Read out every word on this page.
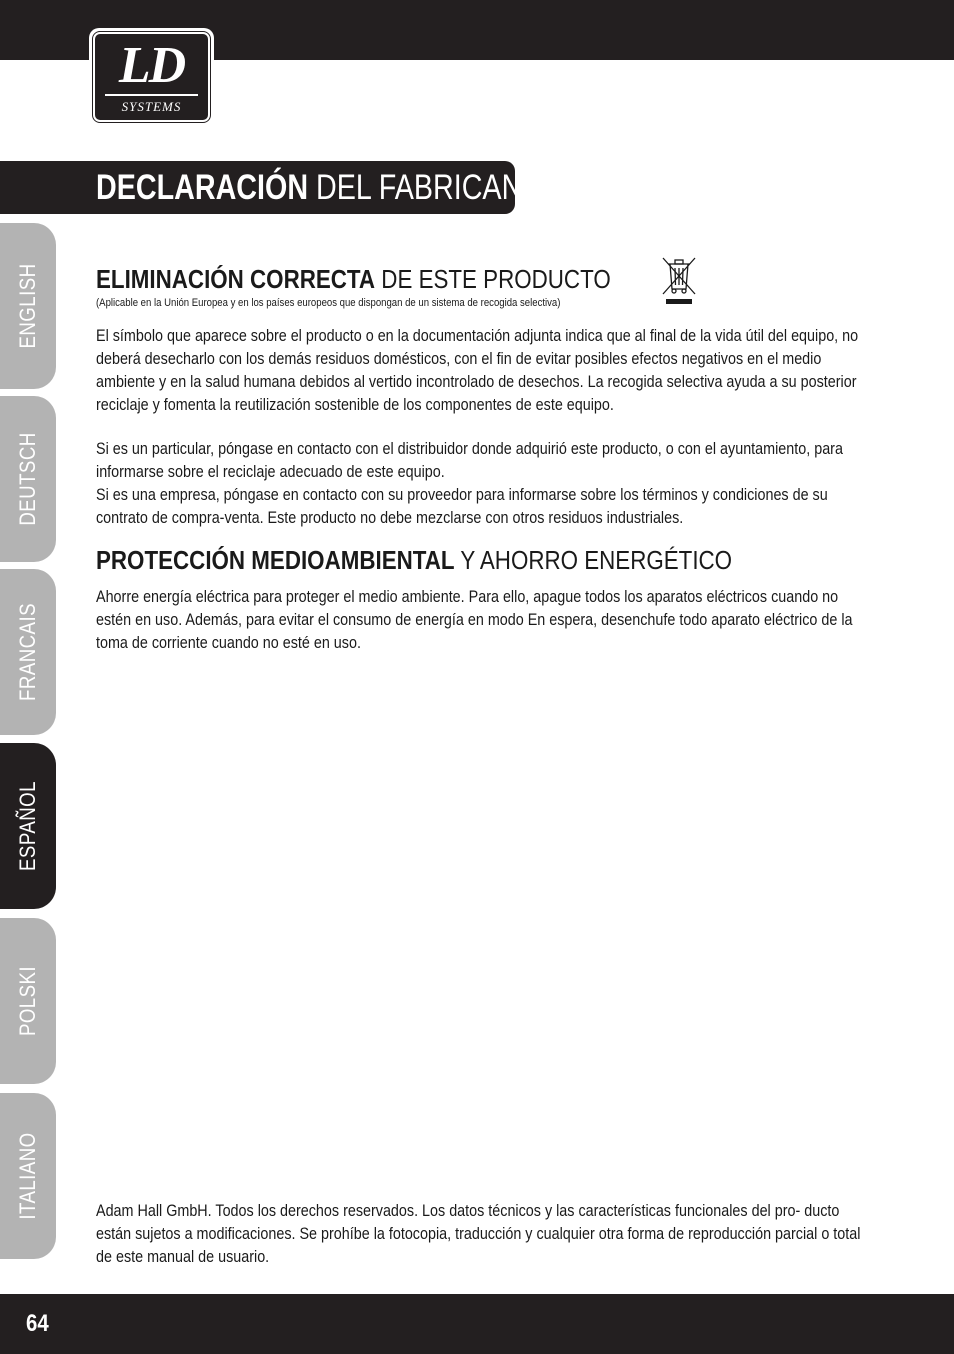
LD
SYSTEMS
DECLARACIÓN DEL FABRICANTE
ENGLISH
DEUTSCH
FRANCAIS
ESPAÑOL
POLSKI
ITALIANO
ELIMINACIÓN CORRECTA DE ESTE PRODUCTO
(Aplicable en la Unión Europea y en los países europeos que dispongan de un sistema de recogida selectiva)
El símbolo que aparece sobre el producto o en la documentación adjunta indica que al final de la vida útil del equipo, no deberá desecharlo con los demás residuos domésticos, con el fin de evitar posibles efectos negativos en el medio ambiente y en la salud humana debidos al vertido incontrolado de desechos. La recogida selectiva ayuda a su posterior reciclaje y fomenta la reutilización sostenible de los componentes de este equipo.
Si es un particular, póngase en contacto con el distribuidor donde adquirió este producto, o con el ayuntamiento, para informarse sobre el reciclaje adecuado de este equipo.
Si es una empresa, póngase en contacto con su proveedor para informarse sobre los términos y condiciones de su contrato de compra-venta. Este producto no debe mezclarse con otros residuos industriales.
PROTECCIÓN MEDIOAMBIENTAL Y AHORRO ENERGÉTICO
Ahorre energía eléctrica para proteger el medio ambiente. Para ello, apague todos los aparatos eléctricos cuando no estén en uso. Además, para evitar el consumo de energía en modo En espera, desenchufe todo aparato eléctrico de la toma de corriente cuando no esté en uso.
Adam Hall GmbH. Todos los derechos reservados. Los datos técnicos y las características funcionales del pro- ducto están sujetos a modificaciones. Se prohíbe la fotocopia, traducción y cualquier otra forma de reproducción parcial o total de este manual de usuario.
64
